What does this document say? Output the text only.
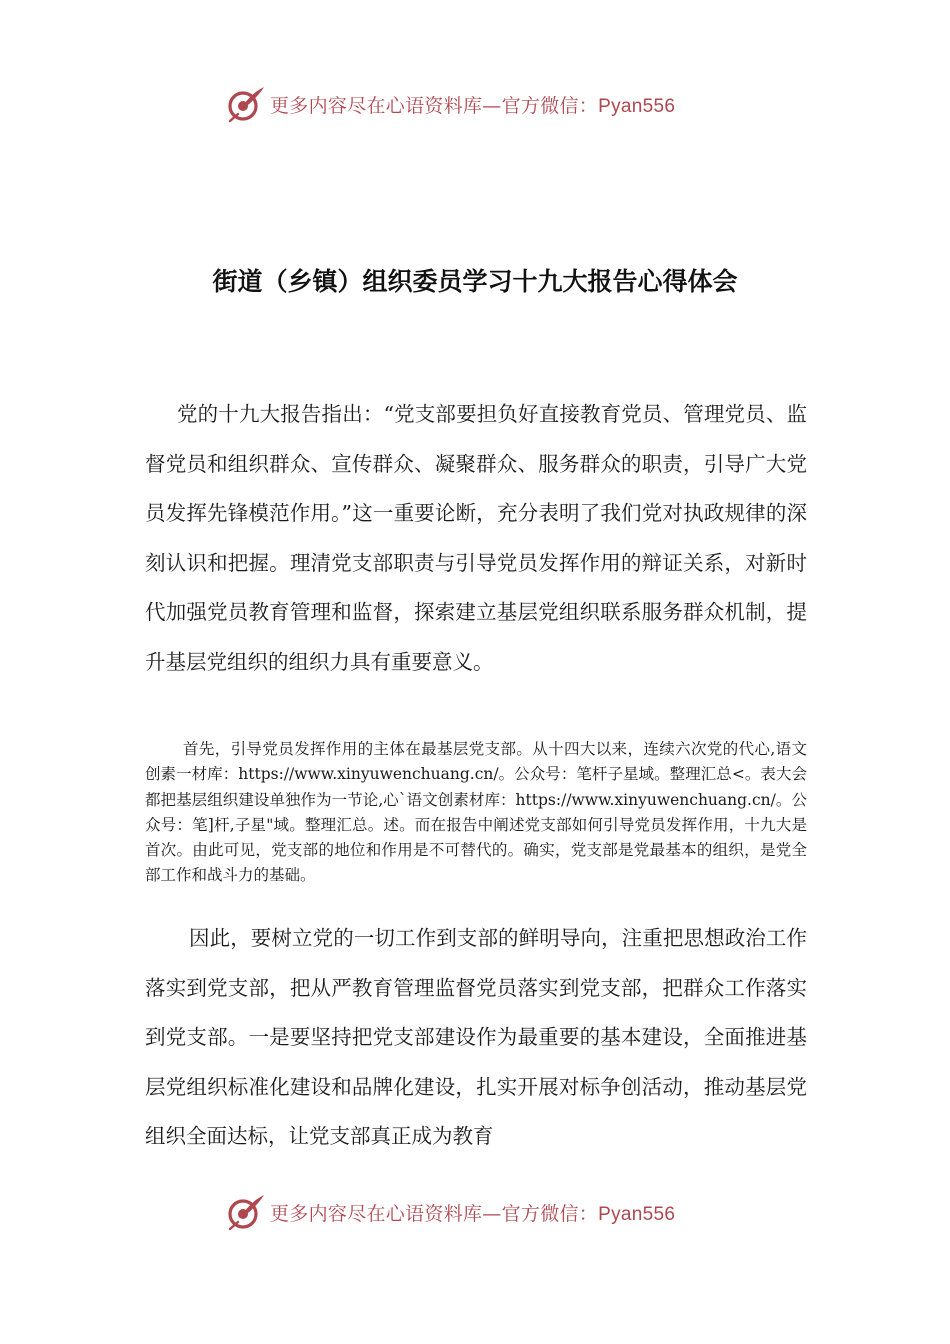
更多内容尽在心语资料库—官方微信：Pyan556
街道（乡镇）组织委员学习十九大报告心得体会

党的十九大报告指出：“党支部要担负好直接教育党员、管理党员、监督党员和组织群众、宣传群众、凝聚群众、服务群众的职责，引导广大党员发挥先锋模范作用。”这一重要论断，充分表明了我们党对执政规律的深刻认识和把握。理清党支部职责与引导党员发挥作用的辩证关系，对新时代加强党员教育管理和监督，探索建立基层党组织联系服务群众机制，提升基层党组织的组织力具有重要意义。

首先，引导党员发挥作用的主体在最基层党支部。从十四大以来，连续六次党的代心,语文创素一材库：https://www.xinyuwenchuang.cn/。公众号：笔杆子星域。整理汇总<。表大会都把基层组织建设单独作为一节论,心`语文创素材库：https://www.xinyuwenchuang.cn/。公众号：笔]杆,子星"域。整理汇总。述。而在报告中阐述党支部如何引导党员发挥作用，十九大是首次。由此可见，党支部的地位和作用是不可替代的。确实，党支部是党最基本的组织，是党全部工作和战斗力的基础。

因此，要树立党的一切工作到支部的鲜明导向，注重把思想政治工作落实到党支部，把从严教育管理监督党员落实到党支部，把群众工作落实到党支部。一是要坚持把党支部建设作为最重要的基本建设，全面推进基层党组织标准化建设和品牌化建设，扎实开展对标争创活动，推动基层党组织全面达标，让党支部真正成为教育

更多内容尽在心语资料库—官方微信：Pyan556
